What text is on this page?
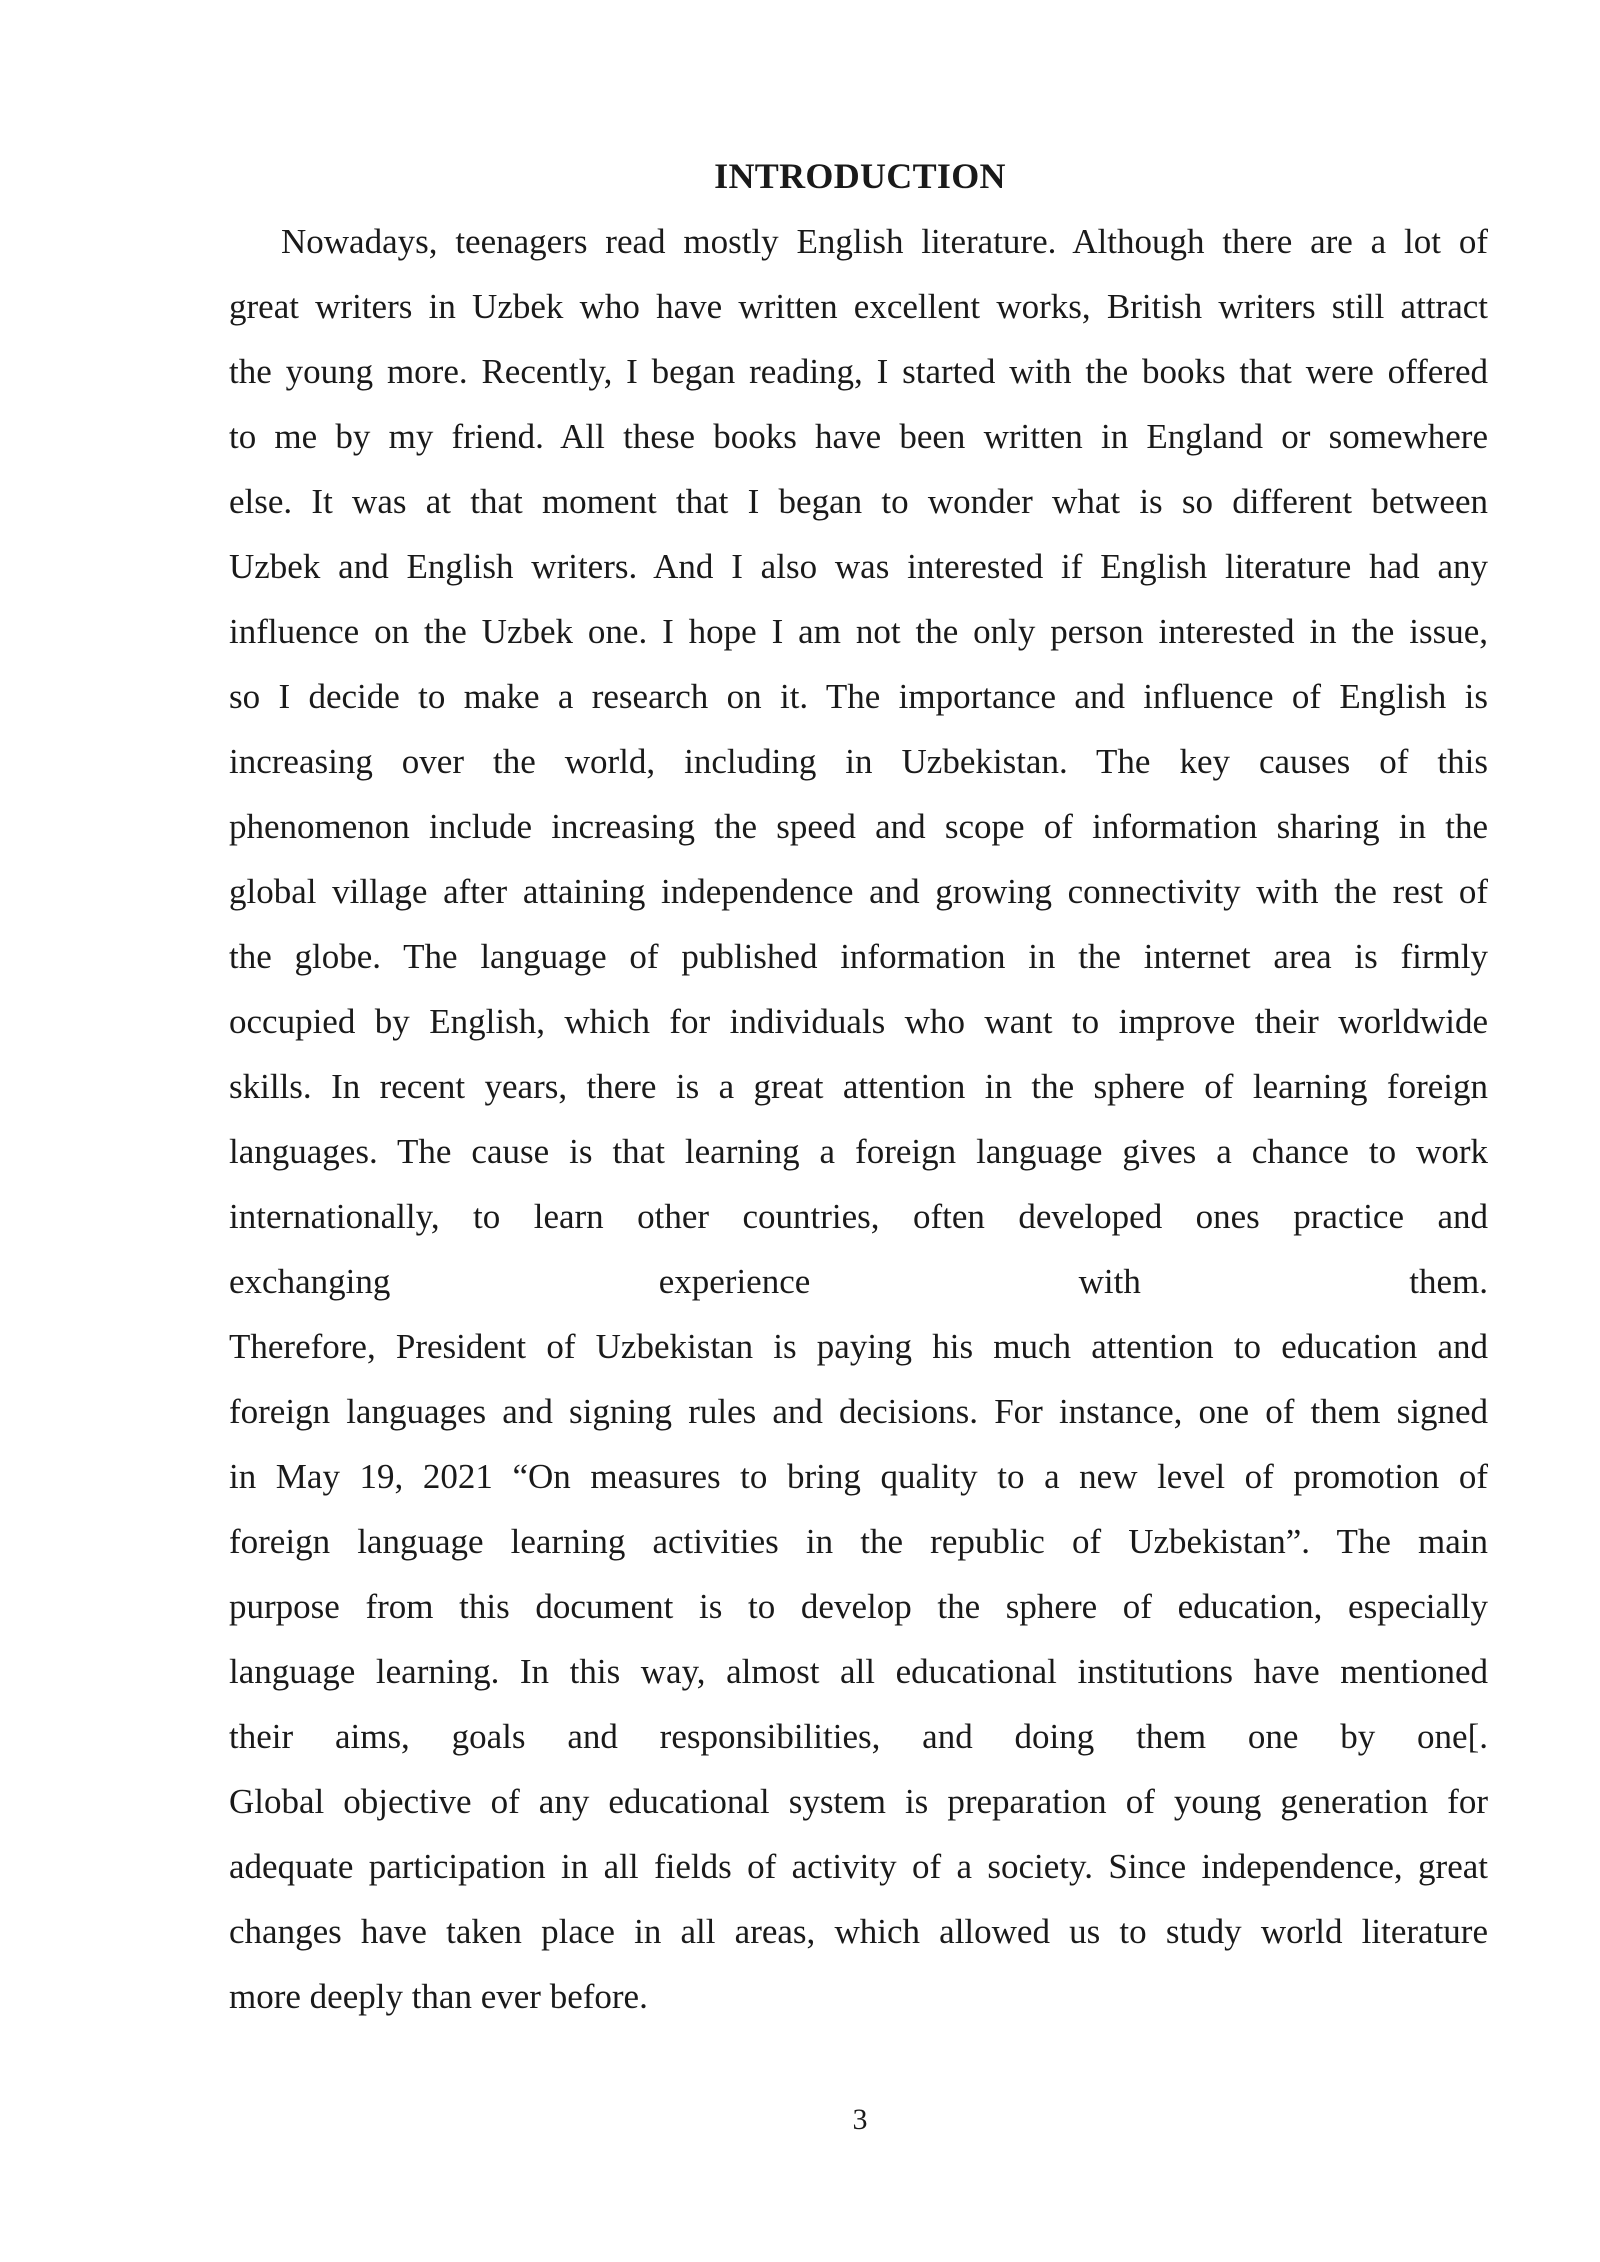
INTRODUCTION
Nowadays, teenagers read mostly English literature. Although there are a lot of
great writers in Uzbek who have written excellent works, British writers still attract
the young more. Recently, I began reading, I started with the books that were offered
to me by my friend. All these books have been written in England or somewhere
else. It was at that moment that I began to wonder what is so different between
Uzbek and English writers. And I also was interested if English literature had any
influence on the Uzbek one. I hope I am not the only person interested in the issue,
so I decide to make a research on it. The importance and influence of English is
increasing over the world, including in Uzbekistan. The key causes of this
phenomenon include increasing the speed and scope of information sharing in the
global village after attaining independence and growing connectivity with the rest of
the globe. The language of published information in the internet area is firmly
occupied by English, which for individuals who want to improve their worldwide
skills. In recent years, there is a great attention in the sphere of learning foreign
languages. The cause is that learning a foreign language gives a chance to work
internationally, to learn other countries, often developed ones practice and
exchanging experience with them.
Therefore, President of Uzbekistan is paying his much attention to education and
foreign languages and signing rules and decisions. For instance, one of them signed
in May 19, 2021 “On measures to bring quality to a new level of promotion of
foreign language learning activities in the republic of Uzbekistan”. The main
purpose from this document is to develop the sphere of education, especially
language learning. In this way, almost all educational institutions have mentioned
their aims, goals and responsibilities, and doing them one by one[.
Global objective of any educational system is preparation of young generation for
adequate participation in all fields of activity of a society. Since independence, great
changes have taken place in all areas, which allowed us to study world literature
more deeply than ever before.
3
